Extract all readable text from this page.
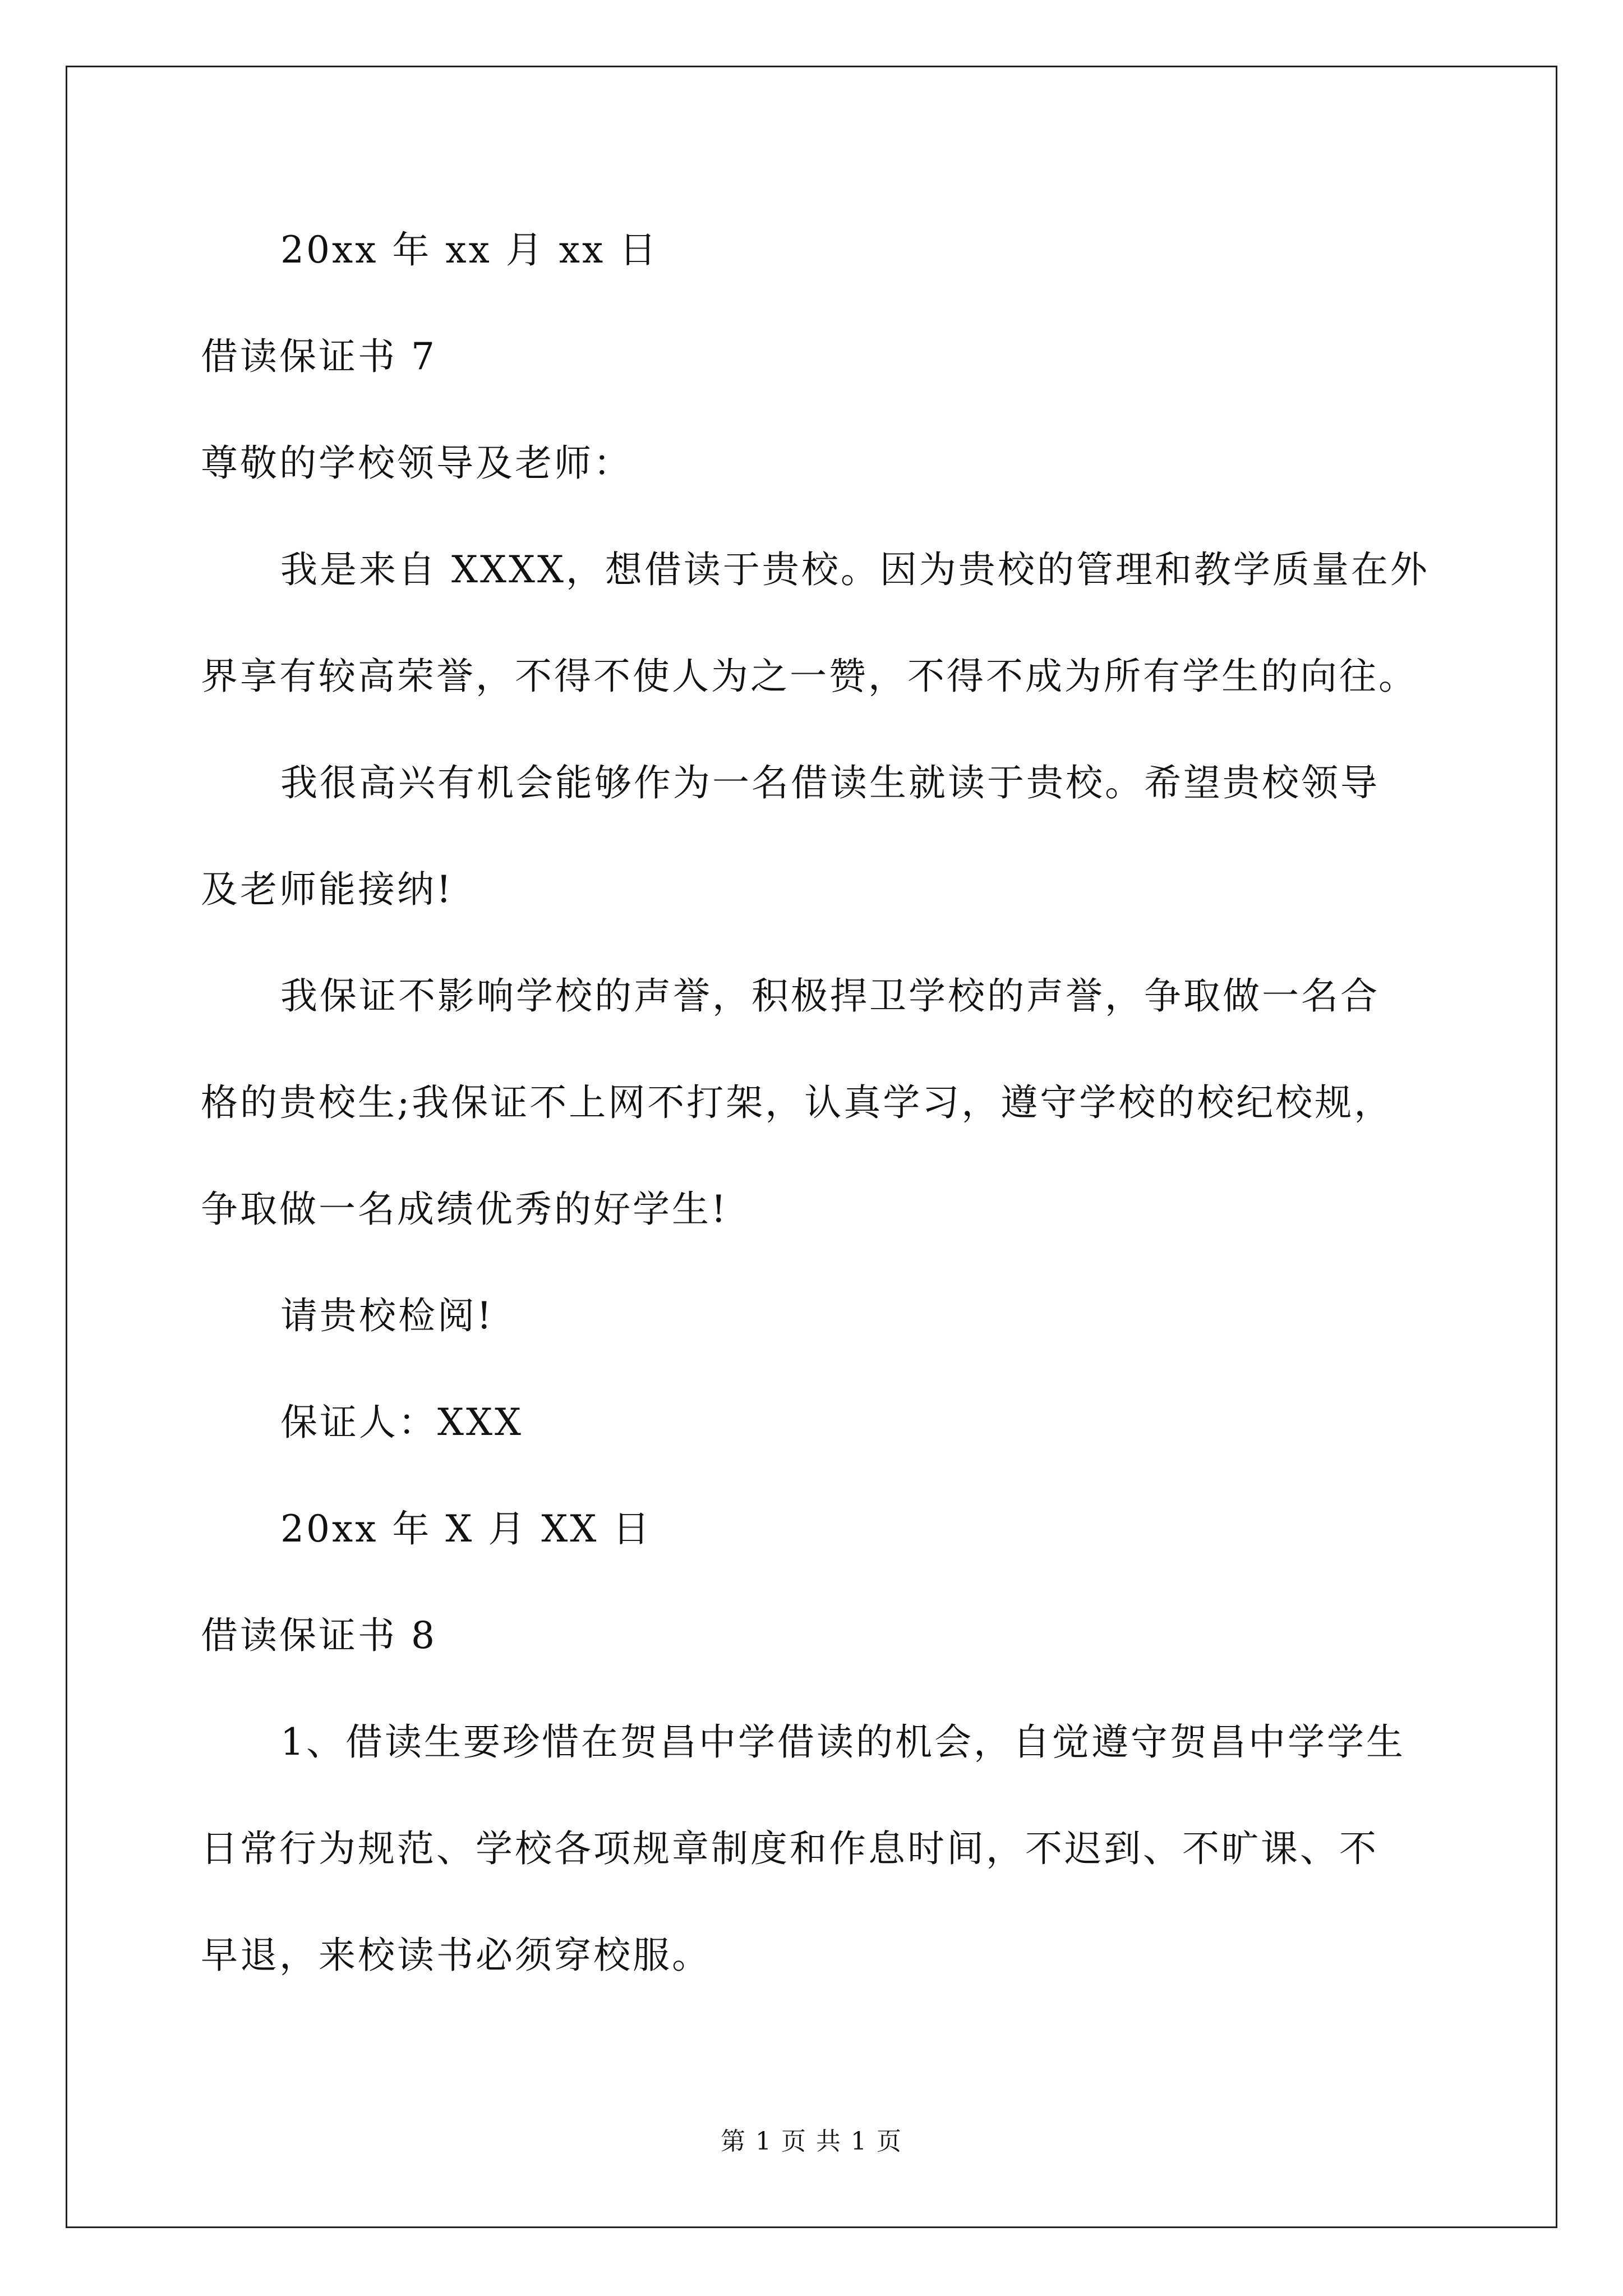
20xx 年 xx 月 xx 日
借读保证书 7
尊敬的学校领导及老师：
我是来自 XXXX，想借读于贵校。因为贵校的管理和教学质量在外
界享有较高荣誉，不得不使人为之一赞，不得不成为所有学生的向往。
我很高兴有机会能够作为一名借读生就读于贵校。希望贵校领导
及老师能接纳!
我保证不影响学校的声誉，积极捍卫学校的声誉，争取做一名合
格的贵校生;我保证不上网不打架，认真学习，遵守学校的校纪校规，
争取做一名成绩优秀的好学生!
请贵校检阅!
保证人：XXX
20xx 年 X 月 XX 日
借读保证书 8
1、借读生要珍惜在贺昌中学借读的机会，自觉遵守贺昌中学学生
日常行为规范、学校各项规章制度和作息时间，不迟到、不旷课、不
早退，来校读书必须穿校服。
第 1 页 共 1 页
